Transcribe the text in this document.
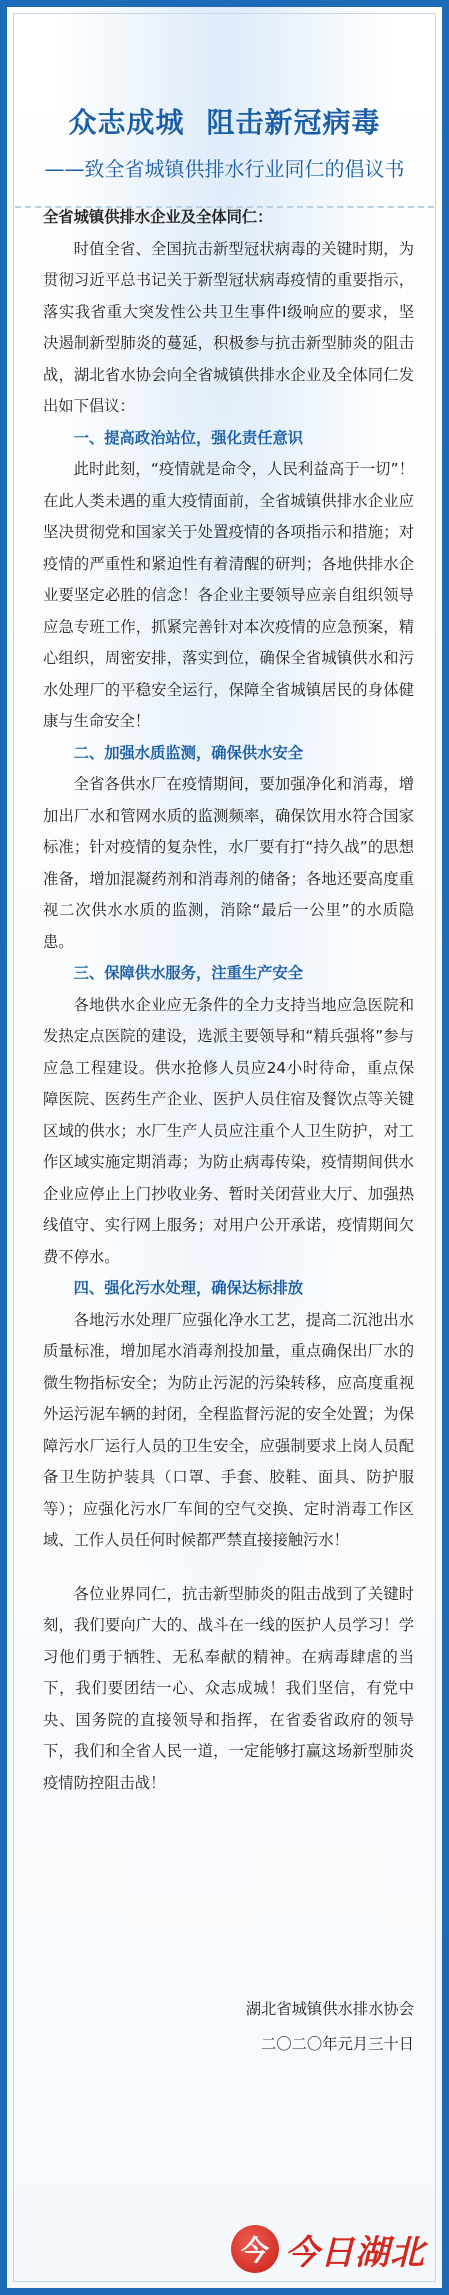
众志成城 阻击新冠病毒
——致全省城镇供排水行业同仁的倡议书

全省城镇供排水企业及全体同仁：

时值全省、全国抗击新型冠状病毒的关键时期，为贯彻习近平总书记关于新型冠状病毒疫情的重要指示，落实我省重大突发性公共卫生事件I级响应的要求，坚决遏制新型肺炎的蔓延，积极参与抗击新型肺炎的阻击战，湖北省水协会向全省城镇供排水企业及全体同仁发出如下倡议：

一、提高政治站位，强化责任意识

此时此刻，“疫情就是命令，人民利益高于一切”！在此人类未遇的重大疫情面前，全省城镇供排水企业应坚决贯彻党和国家关于处置疫情的各项指示和措施；对疫情的严重性和紧迫性有着清醒的研判；各地供排水企业要坚定必胜的信念！各企业主要领导应亲自组织领导应急专班工作，抓紧完善针对本次疫情的应急预案，精心组织，周密安排，落实到位，确保全省城镇供水和污水处理厂的平稳安全运行，保障全省城镇居民的身体健康与生命安全！

二、加强水质监测，确保供水安全

全省各供水厂在疫情期间，要加强净化和消毒，增加出厂水和管网水质的监测频率，确保饮用水符合国家标准；针对疫情的复杂性，水厂要有打“持久战”的思想准备，增加混凝药剂和消毒剂的储备；各地还要高度重视二次供水水质的监测，消除“最后一公里”的水质隐患。

三、保障供水服务，注重生产安全

各地供水企业应无条件的全力支持当地应急医院和发热定点医院的建设，选派主要领导和“精兵强将”参与应急工程建设。供水抢修人员应24小时待命，重点保障医院、医药生产企业、医护人员住宿及餐饮点等关键区域的供水；水厂生产人员应注重个人卫生防护，对工作区域实施定期消毒；为防止病毒传染，疫情期间供水企业应停止上门抄收业务、暂时关闭营业大厅、加强热线值守、实行网上服务；对用户公开承诺，疫情期间欠费不停水。

四、强化污水处理，确保达标排放

各地污水处理厂应强化净水工艺，提高二沉池出水质量标准，增加尾水消毒剂投加量，重点确保出厂水的微生物指标安全；为防止污泥的污染转移，应高度重视外运污泥车辆的封闭，全程监督污泥的安全处置；为保障污水厂运行人员的卫生安全，应强制要求上岗人员配备卫生防护装具（口罩、手套、胶鞋、面具、防护服等）；应强化污水厂车间的空气交换、定时消毒工作区域、工作人员任何时候都严禁直接接触污水！

各位业界同仁，抗击新型肺炎的阻击战到了关键时刻，我们要向广大的、战斗在一线的医护人员学习！学习他们勇于牺牲、无私奉献的精神。在病毒肆虐的当下，我们要团结一心、众志成城！我们坚信，有党中央、国务院的直接领导和指挥，在省委省政府的领导下，我们和全省人民一道，一定能够打赢这场新型肺炎疫情防控阻击战！

湖北省城镇供水排水协会
二〇二〇年元月三十日
今 今日湖北
